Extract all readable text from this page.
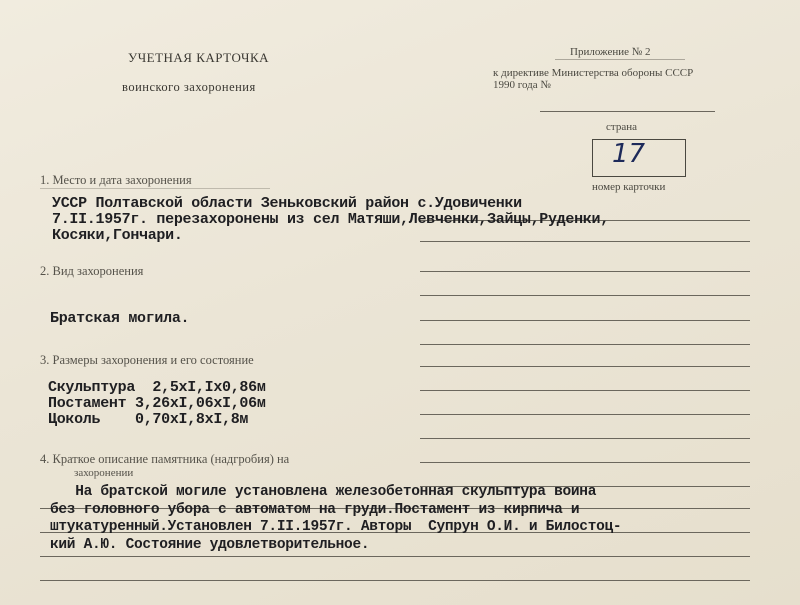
УЧЕТНАЯ КАРТОЧКА
воинского захоронения
Приложение № 2
к директиве Министерства обороны СССР
1990 года №
страна
17
номер карточки
1. Место и дата захоронения
УССР Полтавской области Зеньковский район с.Удовиченки
7.II.1957г. перезахоронены из сел Матяши,Левченки,Зайцы,Руденки,
Косяки,Гончари.
2. Вид захоронения
Братская могила.
3. Размеры захоронения и его состояние
Скульптура  2,5xI,Ix0,86м
Постамент 3,26xI,06xI,06м
Цоколь    0,70xI,8xI,8м
4. Краткое описание памятника (надгробия) на
захоронении
На братской могиле установлена железобетонная скульптура воина
без головного убора с автоматом на груди.Постамент из кирпича и
штукатуренный.Установлен 7.II.1957г. Авторы  Супрун О.И. и Билостоц-
кий А.Ю. Состояние удовлетворительное.
